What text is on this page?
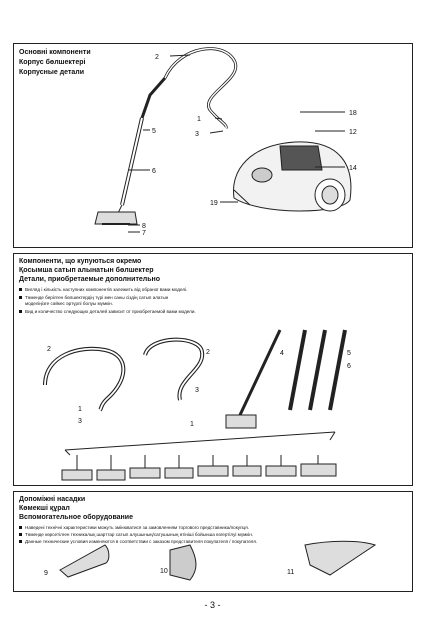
Основні компоненти
Корпус бөлшектері
Корпусные детали
Компоненти, що купуються окремо
Қосымша сатып алынатын бөлшектер
Детали, приобретаемые дополнительно
Вигляд і кількість наступних компонентів залежить від обраної вами моделі.
Төменде берілген бөлшектердің түрі мен саны сіздің сатып алатын
моделіңізге сәйкес әртүрлі болуы мүмкін.
Вид и количество следующих деталей зависит от приобретаемой вами модели.
Допоміжні насадки
Көмекші құрал
Вспомогательное оборудование
Наведені технічні характеристики можуть змінюватися за замовленням торгового представника/покупця.
Төменде көрсетілген техникалық шарттар сатып алушының/сатушының өтініші бойынша өзгертілуі мүмкін.
Данные технические условия изменяются в соответствии с заказом представителя покупателя / покупателя.
2
1
3
5
6
8
7
18
12
14
19
2	2
1
3
3
1
4	5
6
9	10	11
- 3 -
